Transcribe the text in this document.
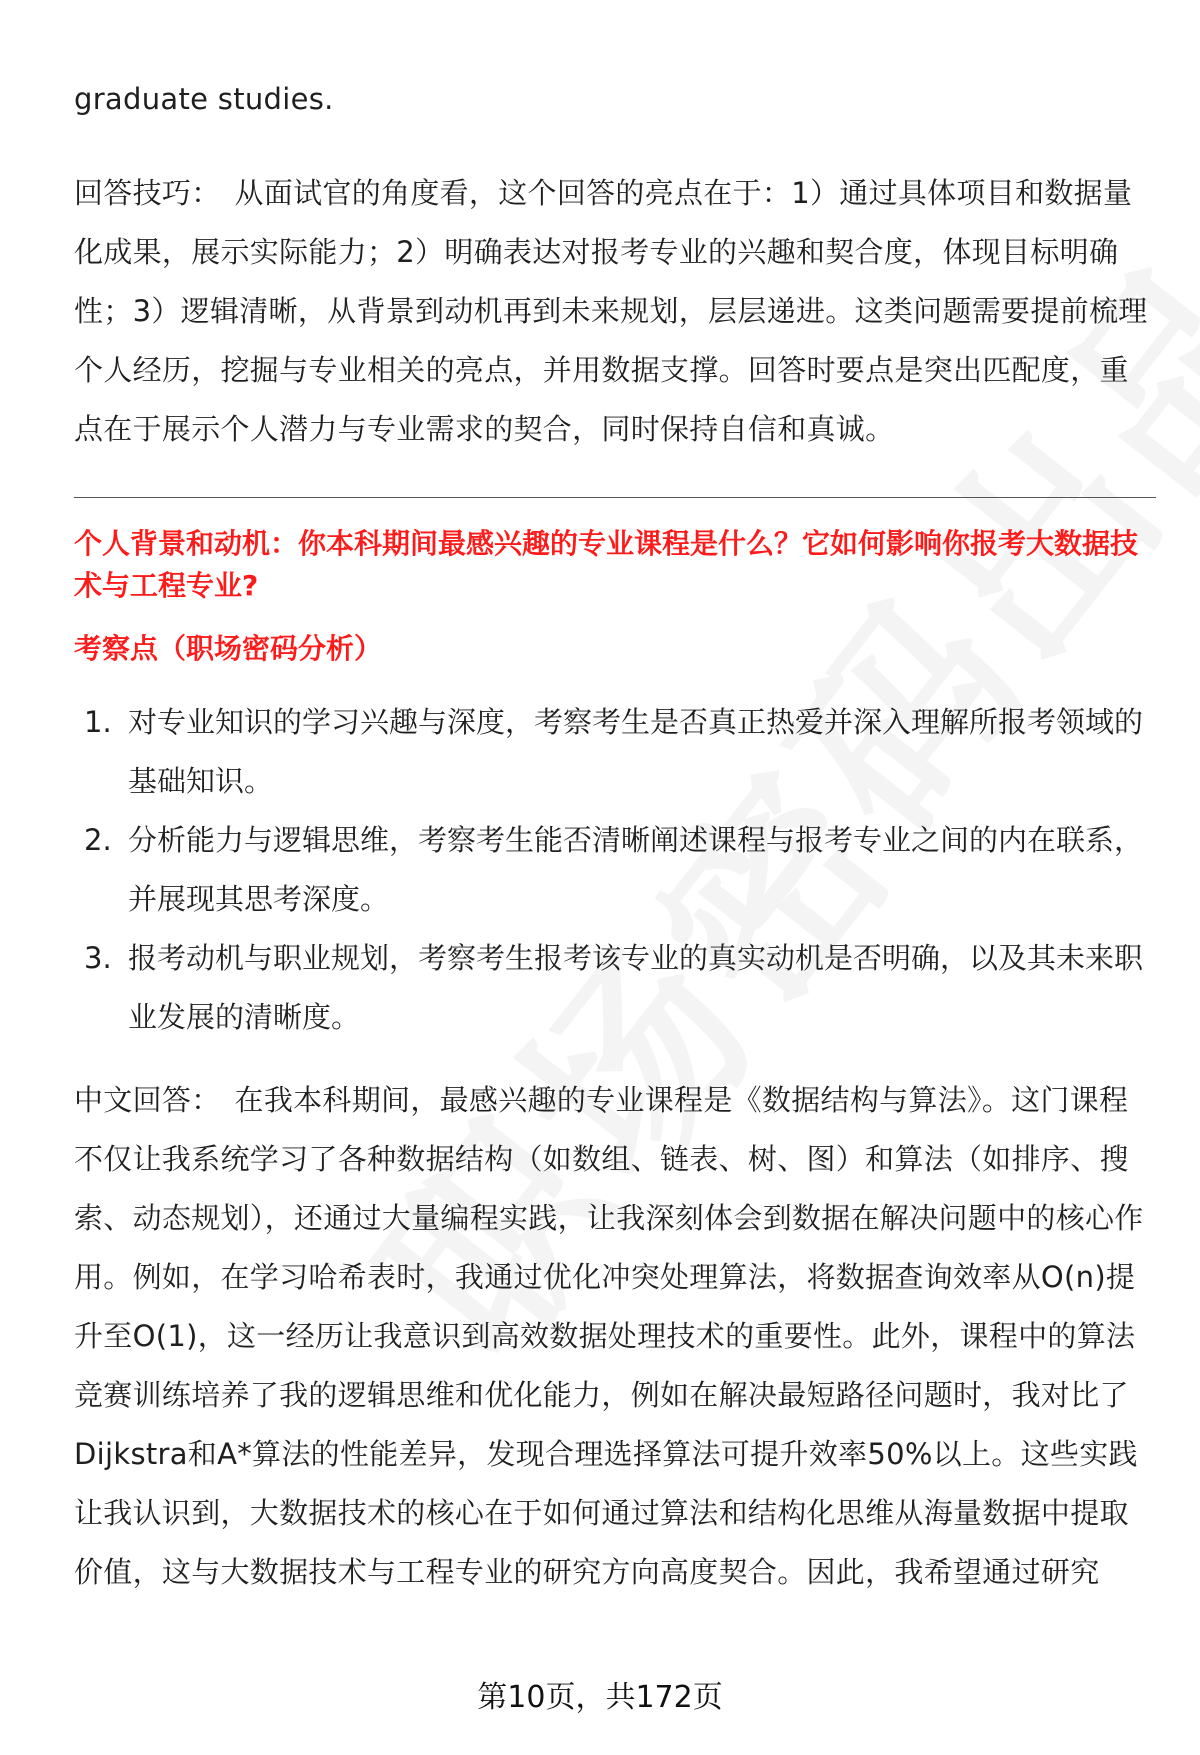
graduate studies.

回答技巧： 从面试官的角度看，这个回答的亮点在于：1）通过具体项目和数据量化成果，展示实际能力；2）明确表达对报考专业的兴趣和契合度，体现目标明确性；3）逻辑清晰，从背景到动机再到未来规划，层层递进。这类问题需要提前梳理个人经历，挖掘与专业相关的亮点，并用数据支撑。回答时要点是突出匹配度，重点在于展示个人潜力与专业需求的契合，同时保持自信和真诚。

个人背景和动机：你本科期间最感兴趣的专业课程是什么？它如何影响你报考大数据技术与工程专业?

考察点（职场密码分析）

1. 对专业知识的学习兴趣与深度，考察考生是否真正热爱并深入理解所报考领域的基础知识。
2. 分析能力与逻辑思维，考察考生能否清晰阐述课程与报考专业之间的内在联系，并展现其思考深度。
3. 报考动机与职业规划，考察考生报考该专业的真实动机是否明确，以及其未来职业发展的清晰度。

中文回答： 在我本科期间，最感兴趣的专业课程是《数据结构与算法》。这门课程不仅让我系统学习了各种数据结构（如数组、链表、树、图）和算法（如排序、搜索、动态规划），还通过大量编程实践，让我深刻体会到数据在解决问题中的核心作用。例如，在学习哈希表时，我通过优化冲突处理算法，将数据查询效率从O(n)提升至O(1)，这一经历让我意识到高效数据处理技术的重要性。此外，课程中的算法竞赛训练培养了我的逻辑思维和优化能力，例如在解决最短路径问题时，我对比了Dijkstra和A*算法的性能差异，发现合理选择算法可提升效率50%以上。这些实践让我认识到，大数据技术的核心在于如何通过算法和结构化思维从海量数据中提取价值，这与大数据技术与工程专业的研究方向高度契合。因此，我希望通过研究

第10页，共172页
